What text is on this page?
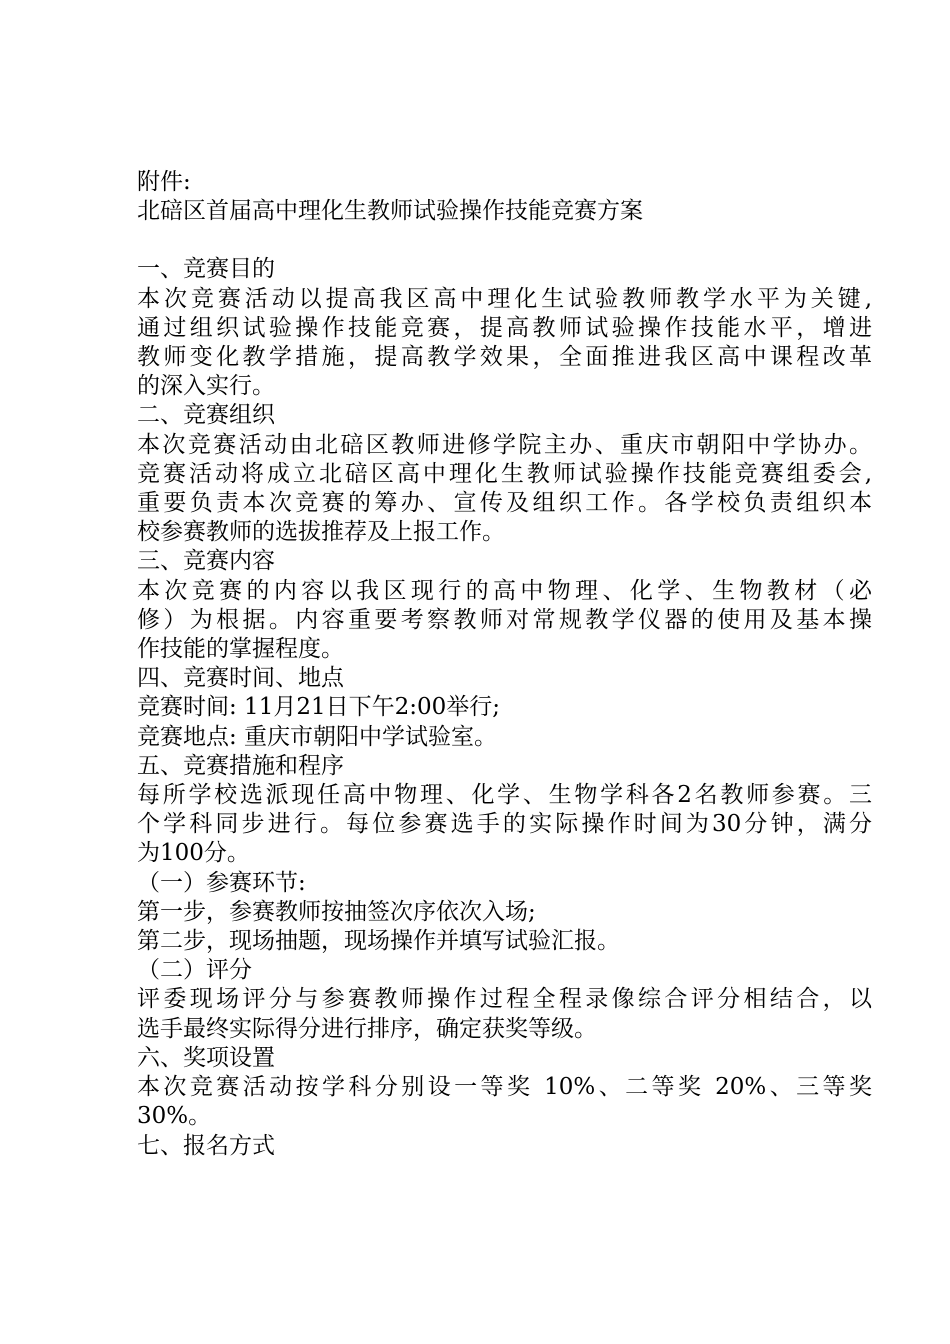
附件:
北碚区首届高中理化生教师试验操作技能竞赛方案
一、竞赛目的
本次竞赛活动以提高我区高中理化生试验教师教学水平为关键,
通过组织试验操作技能竞赛，提高教师试验操作技能水平，增进
教师变化教学措施，提高教学效果，全面推进我区高中课程改革
的深入实行。
二、竞赛组织
本次竞赛活动由北碚区教师进修学院主办、重庆市朝阳中学协办。
竞赛活动将成立北碚区高中理化生教师试验操作技能竞赛组委会,
重要负责本次竞赛的筹办、宣传及组织工作。各学校负责组织本
校参赛教师的选拔推荐及上报工作。
三、竞赛内容
本次竞赛的内容以我区现行的高中物理、化学、生物教材（必
修）为根据。内容重要考察教师对常规教学仪器的使用及基本操
作技能的掌握程度。
四、竞赛时间、地点
竞赛时间: 11月21日下午2:00举行;
竞赛地点: 重庆市朝阳中学试验室。
五、竞赛措施和程序
每所学校选派现任高中物理、化学、生物学科各2名教师参赛。三
个学科同步进行。每位参赛选手的实际操作时间为30分钟，满分
为100分。
（一）参赛环节:
第一步，参赛教师按抽签次序依次入场;
第二步，现场抽题，现场操作并填写试验汇报。
（二）评分
评委现场评分与参赛教师操作过程全程录像综合评分相结合，以
选手最终实际得分进行排序，确定获奖等级。
六、奖项设置
本次竞赛活动按学科分别设一等奖 10%、二等奖 20%、三等奖
30%。
七、报名方式
